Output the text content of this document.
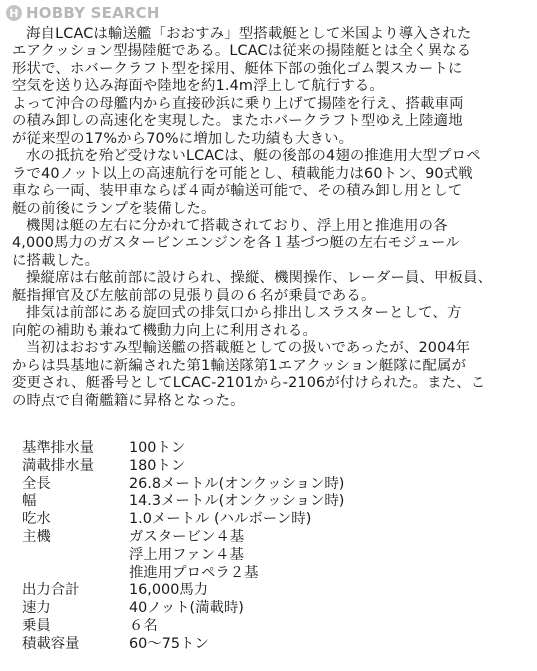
H HOBBY SEARCH

海自LCACは輸送艦「おおすみ」型搭載艇として米国より導入された
エアクッション型揚陸艇である。LCACは従来の揚陸艇とは全く異なる
形状で、ホバークラフト型を採用、艇体下部の強化ゴム製スカートに
空気を送り込み海面や陸地を約1.4m浮上して航行する。
よって沖合の母艦内から直接砂浜に乗り上げて揚陸を行え、搭載車両
の積み卸しの高速化を実現した。またホバークラフト型ゆえ上陸適地
が従来型の17%から70%に増加した功績も大きい。

水の抵抗を殆ど受けないLCACは、艇の後部の4翅の推進用大型プロペ
ラで40ノット以上の高速航行を可能とし、積載能力は60トン、90式戦
車なら一両、装甲車ならば４両が輸送可能で、その積み卸し用として
艇の前後にランプを装備した。

機関は艇の左右に分かれて搭載されており、浮上用と推進用の各
4,000馬力のガスタービンエンジンを各１基づつ艇の左右モジュール
に搭載した。

操縦席は右舷前部に設けられ、操縦、機関操作、レーダー員、甲板員、
艇指揮官及び左舷前部の見張り員の６名が乗員である。

排気は前部にある旋回式の排気口から排出しスラスターとして、方
向舵の補助も兼ねて機動力向上に利用される。

当初はおおすみ型輸送艦の搭載艇としての扱いであったが、2004年
からは呉基地に新編された第1輸送隊第1エアクッション艇隊に配属が
変更され、艇番号としてLCAC-2101から-2106が付けられた。また、こ
の時点で自衛艦籍に昇格となった。

基準排水量	100トン
満載排水量	180トン
全長	26.8メートル(オンクッション時)
幅	14.3メートル(オンクッション時)
吃水	1.0メートル (ハルボーン時)
主機	ガスタービン４基
浮上用ファン４基
推進用プロペラ２基
出力合計	16,000馬力
速力	40ノット(満載時)
乗員	６名
積載容量	60～75トン
